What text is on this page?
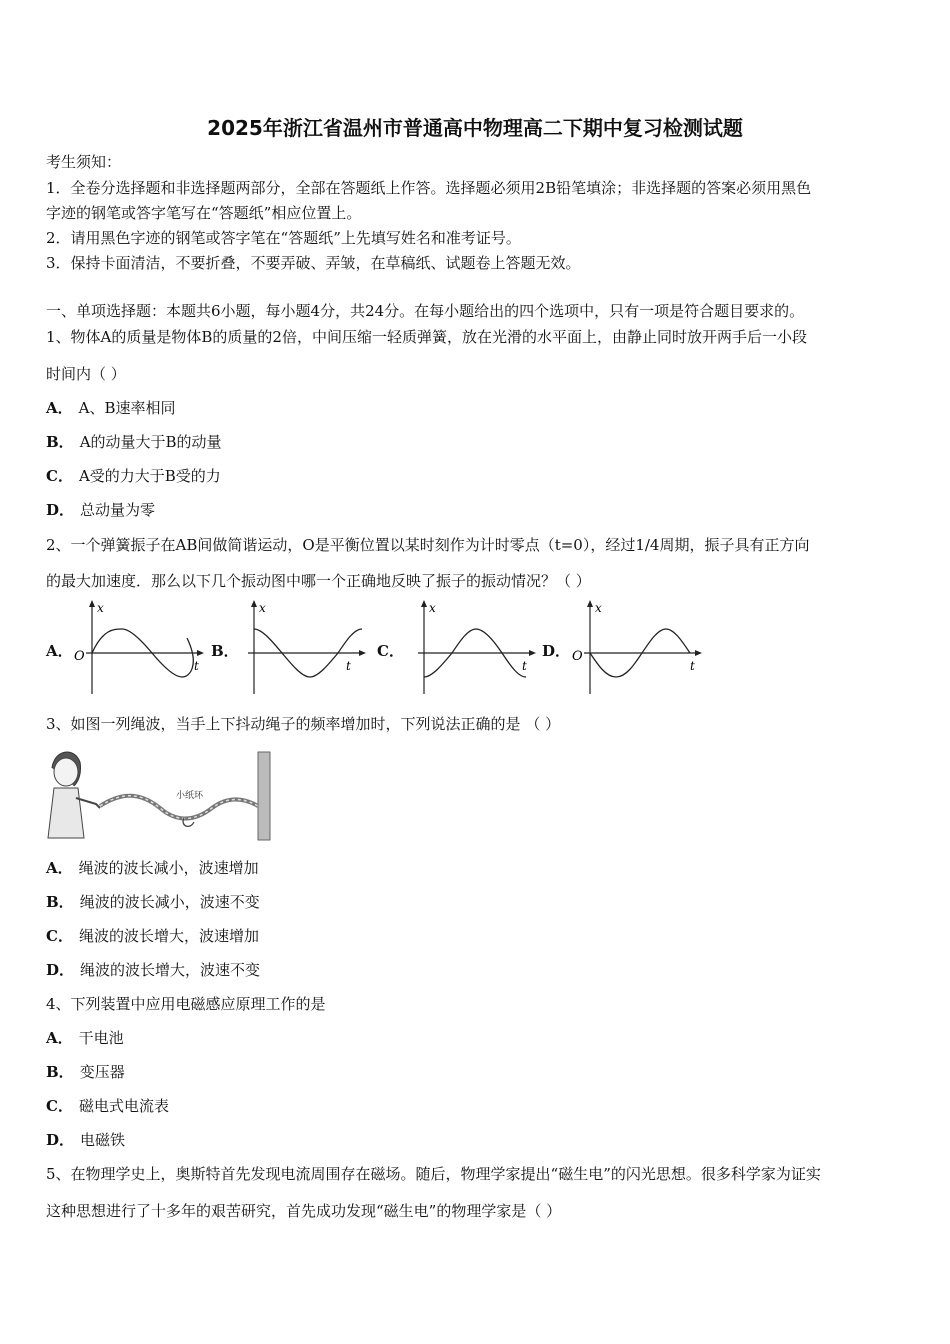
2025年浙江省温州市普通高中物理高二下期中复习检测试题
考生须知：
1．全卷分选择题和非选择题两部分，全部在答题纸上作答。选择题必须用2B铅笔填涂；非选择题的答案必须用黑色
字迹的钢笔或答字笔写在“答题纸”相应位置上。
2．请用黑色字迹的钢笔或答字笔在“答题纸”上先填写姓名和准考证号。
3．保持卡面清洁，不要折叠，不要弄破、弄皱，在草稿纸、试题卷上答题无效。
一、单项选择题：本题共6小题，每小题4分，共24分。在每小题给出的四个选项中，只有一项是符合题目要求的。
1、物体A的质量是物体B的质量的2倍，中间压缩一轻质弹簧，放在光滑的水平面上，由静止同时放开两手后一小段
时间内（ ）
A． A、B速率相同
B． A的动量大于B的动量
C． A受的力大于B受的力
D． 总动量为零
2、一个弹簧振子在AB间做简谐运动，O是平衡位置以某时刻作为计时零点（t=0），经过1/4周期，振子具有正方向
的最大加速度．那么以下几个振动图中哪一个正确地反映了振子的振动情况？（ ）
A．	B．	C．	D．
x
t
O
x
t
x
t
x
t
O
3、如图一列绳波，当手上下抖动绳子的频率增加时，下列说法正确的是 （ ）
小纸环
A． 绳波的波长减小，波速增加
B． 绳波的波长减小，波速不变
C． 绳波的波长增大，波速增加
D． 绳波的波长增大，波速不变
4、下列装置中应用电磁感应原理工作的是
A． 干电池
B． 变压器
C． 磁电式电流表
D． 电磁铁
5、在物理学史上，奥斯特首先发现电流周围存在磁场。随后，物理学家提出“磁生电”的闪光思想。很多科学家为证实
这种思想进行了十多年的艰苦研究，首先成功发现“磁生电”的物理学家是（ ）
